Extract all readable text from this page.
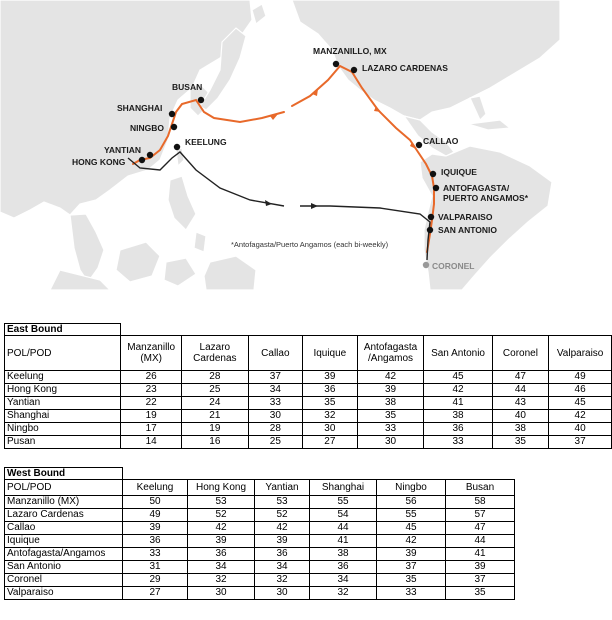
BUSAN
SHANGHAI
NINGBO
KEELUNG
YANTIAN
HONG KONG
MANZANILLO, MX
LAZARO CARDENAS
CALLAO
IQUIQUE
ANTOFAGASTA/
PUERTO ANGAMOS*
VALPARAISO
SAN ANTONIO
CORONEL
*Antofagasta/Puerto Angamos (each bi-weekly)
East Bound								
POL/POD	Manzanillo (MX)	Lazaro Cardenas	Callao	Iquique	Antofagasta /Angamos	San Antonio	Coronel	Valparaiso
Keelung	26	28	37	39	42	45	47	49
Hong Kong	23	25	34	36	39	42	44	46
Yantian	22	24	33	35	38	41	43	45
Shanghai	19	21	30	32	35	38	40	42
Ningbo	17	19	28	30	33	36	38	40
Pusan	14	16	25	27	30	33	35	37
West Bound						
POL/POD	Keelung	Hong Kong	Yantian	Shanghai	Ningbo	Busan
Manzanillo (MX)	50	53	53	55	56	58
Lazaro Cardenas	49	52	52	54	55	57
Callao	39	42	42	44	45	47
Iquique	36	39	39	41	42	44
Antofagasta/Angamos	33	36	36	38	39	41
San Antonio	31	34	34	36	37	39
Coronel	29	32	32	34	35	37
Valparaiso	27	30	30	32	33	35
